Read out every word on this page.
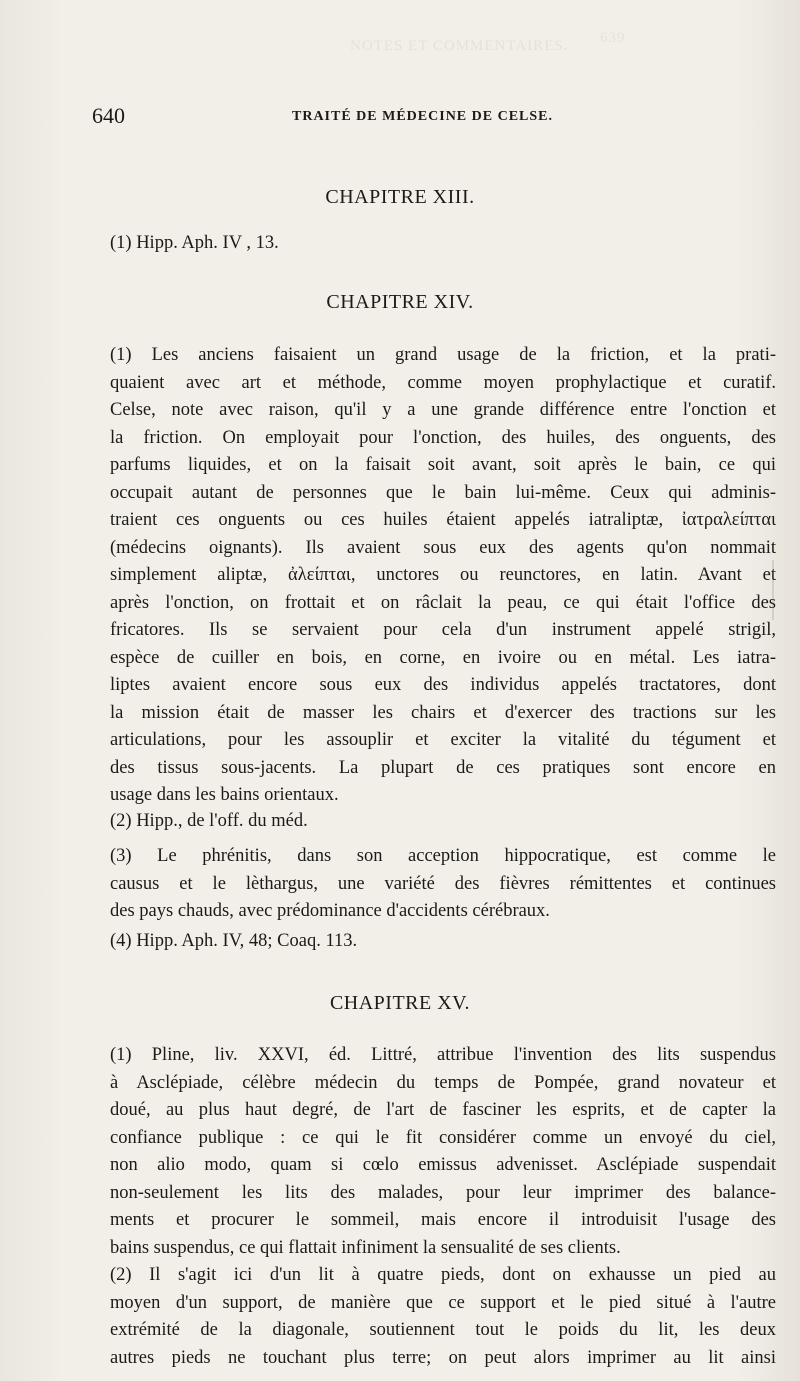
NOTES ET COMMENTAIRES. 639
640	TRAITÉ DE MÉDECINE DE CELSE.
CHAPITRE XIII.
(1) Hipp. Aph. IV , 13.
CHAPITRE XIV.
(1) Les anciens faisaient un grand usage de la friction, et la prati-
quaient avec art et méthode, comme moyen prophylactique et curatif.
Celse, note avec raison, qu'il y a une grande différence entre l'onction et
la friction. On employait pour l'onction, des huiles, des onguents, des
parfums liquides, et on la faisait soit avant, soit après le bain, ce qui
occupait autant de personnes que le bain lui-même. Ceux qui adminis-
traient ces onguents ou ces huiles étaient appelés iatraliptæ, ἰατραλείπται
(médecins oignants). Ils avaient sous eux des agents qu'on nommait
simplement aliptæ, ἀλείπται, unctores ou reunctores, en latin. Avant et
après l'onction, on frottait et on râclait la peau, ce qui était l'office des
fricatores. Ils se servaient pour cela d'un instrument appelé strigil,
espèce de cuiller en bois, en corne, en ivoire ou en métal. Les iatra-
liptes avaient encore sous eux des individus appelés tractatores, dont
la mission était de masser les chairs et d'exercer des tractions sur les
articulations, pour les assouplir et exciter la vitalité du tégument et
des tissus sous-jacents. La plupart de ces pratiques sont encore en
usage dans les bains orientaux.
(2) Hipp., de l'off. du méd.
(3) Le phrénitis, dans son acception hippocratique, est comme le
causus et le lèthargus, une variété des fièvres rémittentes et continues
des pays chauds, avec prédominance d'accidents cérébraux.
(4) Hipp. Aph. IV, 48; Coaq. 113.
CHAPITRE XV.
(1) Pline, liv. XXVI, éd. Littré, attribue l'invention des lits suspendus
à Asclépiade, célèbre médecin du temps de Pompée, grand novateur et
doué, au plus haut degré, de l'art de fasciner les esprits, et de capter la
confiance publique : ce qui le fit considérer comme un envoyé du ciel,
non alio modo, quam si cœlo emissus advenisset. Asclépiade suspendait
non-seulement les lits des malades, pour leur imprimer des balance-
ments et procurer le sommeil, mais encore il introduisit l'usage des
bains suspendus, ce qui flattait infiniment la sensualité de ses clients.
(2) Il s'agit ici d'un lit à quatre pieds, dont on exhausse un pied au
moyen d'un support, de manière que ce support et le pied situé à l'autre
extrémité de la diagonale, soutiennent tout le poids du lit, les deux
autres pieds ne touchant plus terre; on peut alors imprimer au lit ainsi
